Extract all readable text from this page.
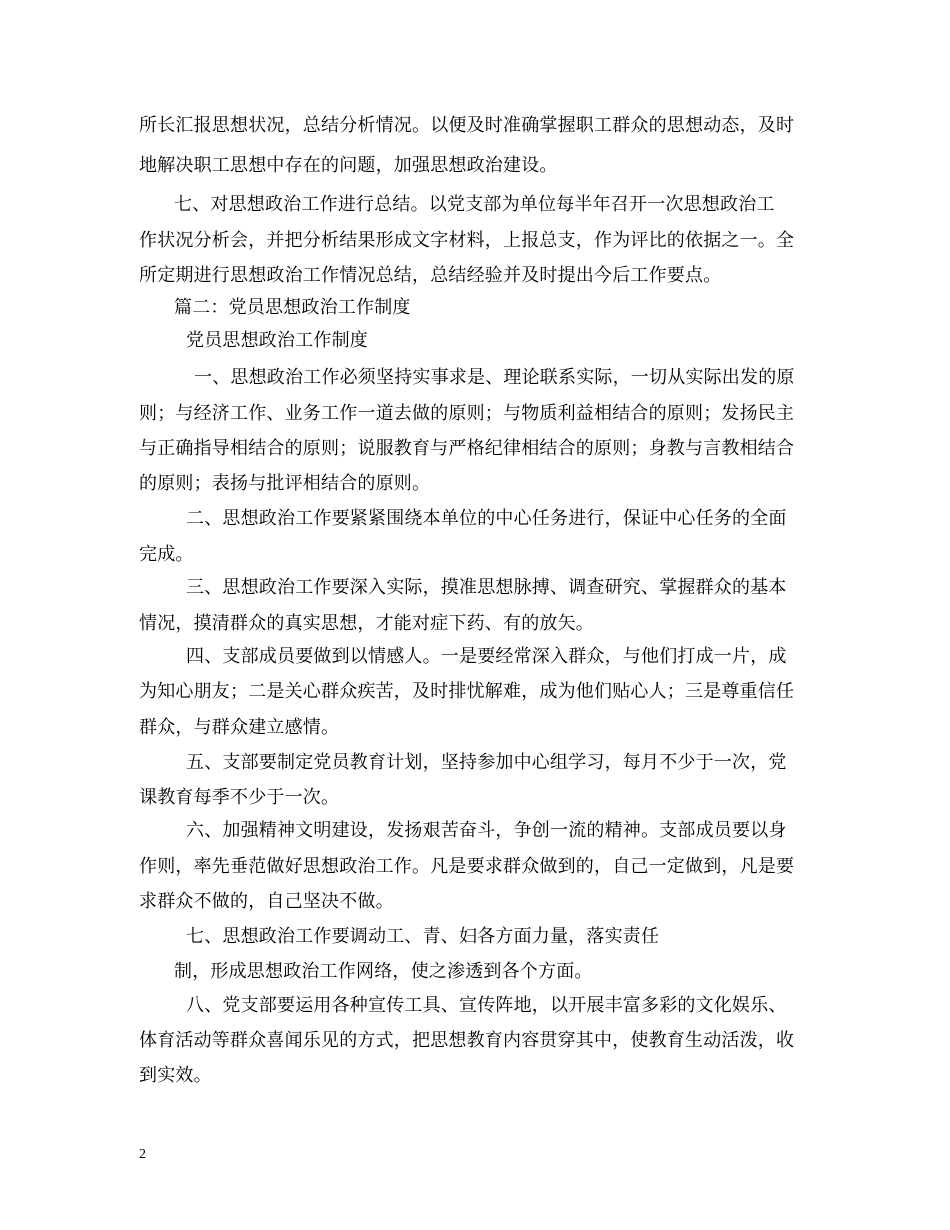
所长汇报思想状况，总结分析情况。以便及时准确掌握职工群众的思想动态，及时
地解决职工思想中存在的问题，加强思想政治建设。
七、对思想政治工作进行总结。以党支部为单位每半年召开一次思想政治工
作状况分析会，并把分析结果形成文字材料，上报总支，作为评比的依据之一。全
所定期进行思想政治工作情况总结，总结经验并及时提出今后工作要点。
篇二：党员思想政治工作制度
党员思想政治工作制度
一、思想政治工作必须坚持实事求是、理论联系实际，一切从实际出发的原
则；与经济工作、业务工作一道去做的原则；与物质利益相结合的原则；发扬民主
与正确指导相结合的原则；说服教育与严格纪律相结合的原则；身教与言教相结合
的原则；表扬与批评相结合的原则。
二、思想政治工作要紧紧围绕本单位的中心任务进行，保证中心任务的全面
完成。
三、思想政治工作要深入实际，摸准思想脉搏、调查研究、掌握群众的基本
情况，摸清群众的真实思想，才能对症下药、有的放矢。
四、支部成员要做到以情感人。一是要经常深入群众，与他们打成一片，成
为知心朋友；二是关心群众疾苦，及时排忧解难，成为他们贴心人；三是尊重信任
群众，与群众建立感情。
五、支部要制定党员教育计划，坚持参加中心组学习，每月不少于一次，党
课教育每季不少于一次。
六、加强精神文明建设，发扬艰苦奋斗，争创一流的精神。支部成员要以身
作则，率先垂范做好思想政治工作。凡是要求群众做到的，自己一定做到，凡是要
求群众不做的，自己坚决不做。
七、思想政治工作要调动工、青、妇各方面力量，落实责任
制，形成思想政治工作网络，使之渗透到各个方面。
八、党支部要运用各种宣传工具、宣传阵地，以开展丰富多彩的文化娱乐、
体育活动等群众喜闻乐见的方式，把思想教育内容贯穿其中，使教育生动活泼，收
到实效。
2
